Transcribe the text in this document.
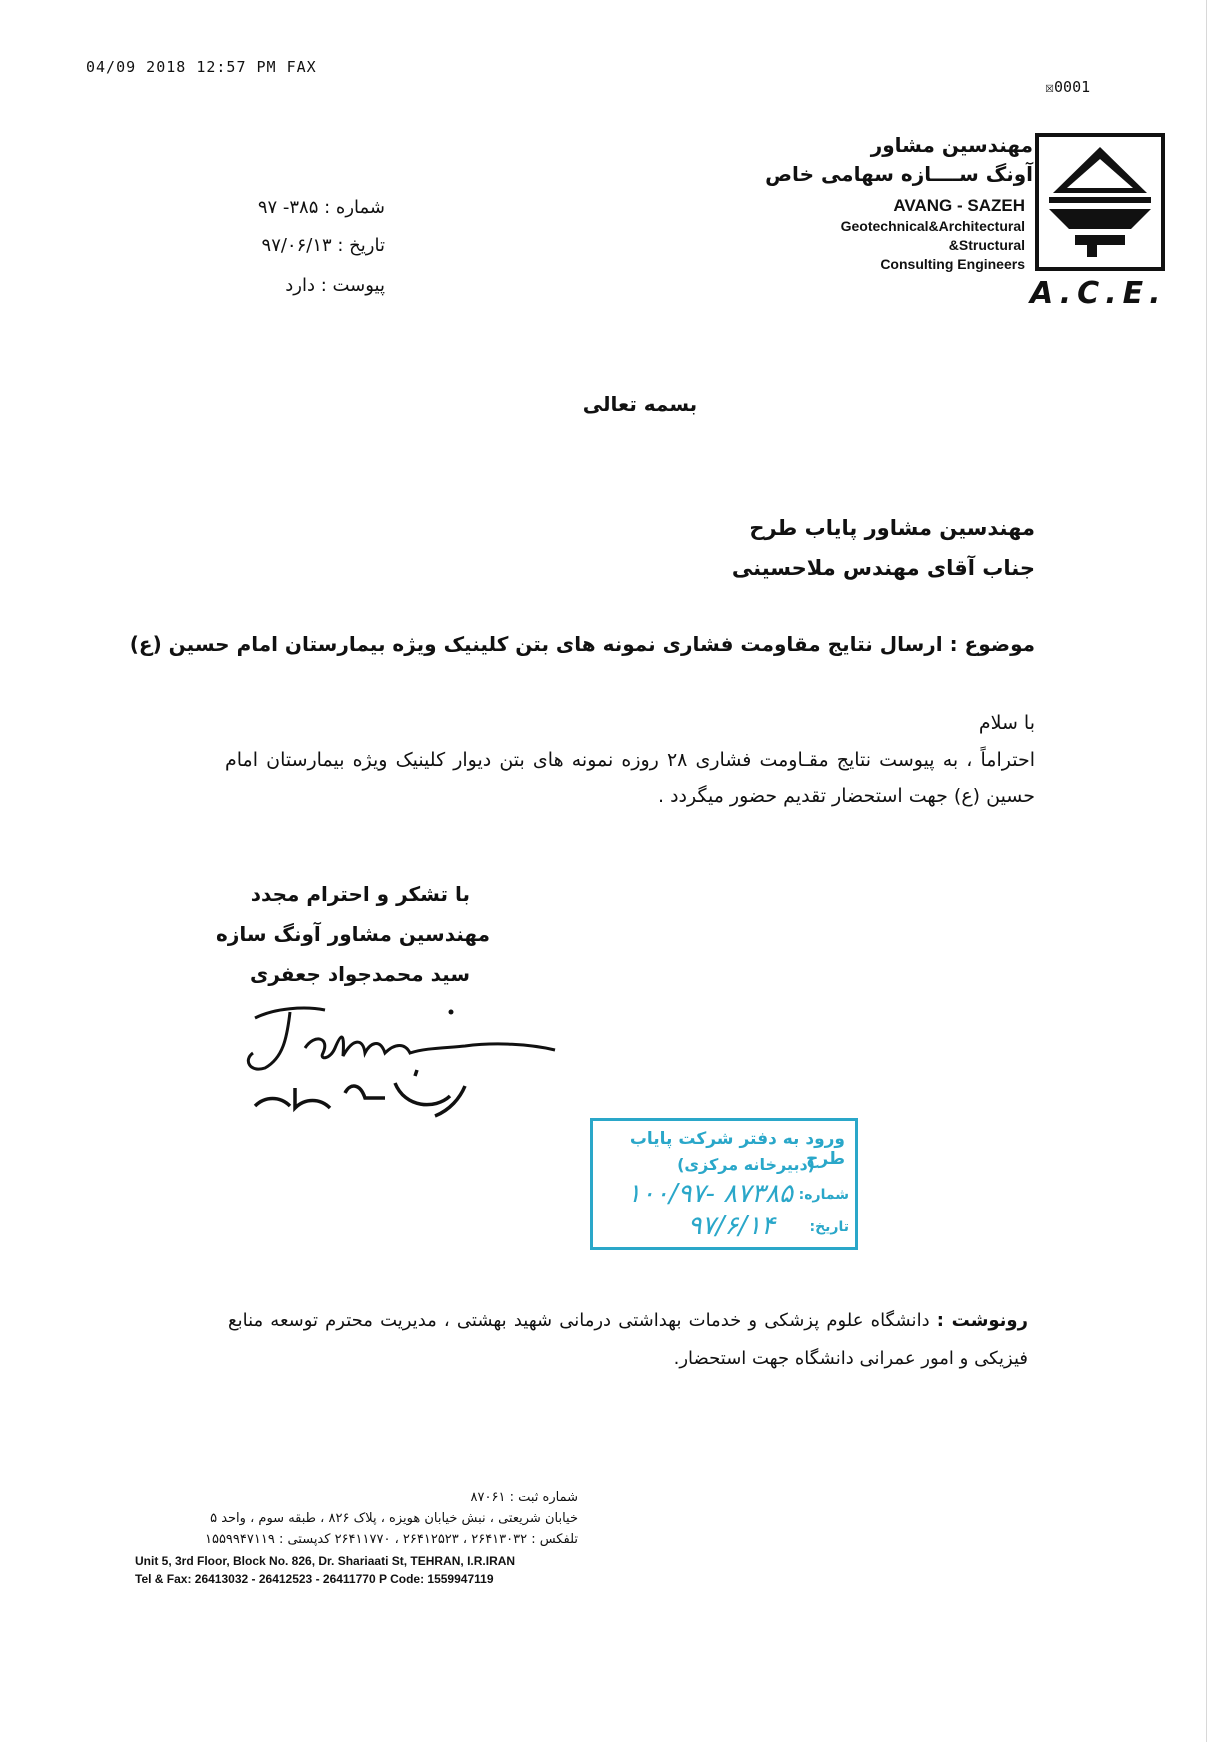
04/09 2018 12:57 PM FAX
☒0001
A.C.E.
مهندسین مشاور
آونگ ســــازه سهامی خاص
AVANG - SAZEH
Geotechnical&Architectural
&Structural
Consulting Engineers
شماره : ۳۸۵- ۹۷
تاریخ : ۹۷/۰۶/۱۳
پیوست : دارد
بسمه تعالی
مهندسین مشاور پایاب طرح
جناب آقای مهندس ملاحسینی
موضوع : ارسال نتایج مقاومت فشاری نمونه های بتن کلینیک ویژه بیمارستان امام حسین (ع)
با سلام
احتراماً ، به پیوست نتایج مقـاومت فشاری ۲۸ روزه نمونه های بتن دیوار کلینیک ویژه بیمارستان امام حسین (ع) جهت استحضار تقدیم حضور میگردد .
با تشکر و احترام مجدد
مهندسین مشاور آونگ سازه
سید محمدجواد جعفری
ورود به دفتر شرکت پایاب طرح
(دبیرخانه مرکزی)
شماره:
۱۰۰/۹۷- ۸۷۳۸۵
تاریخ:
۹۷/۶/۱۴
رونوشت : دانشگاه علوم پزشکی و خدمات بهداشتی درمانی شهید بهشتی ، مدیریت محترم توسعه منابع فیزیکی و امور عمرانی دانشگاه جهت استحضار.
شماره ثبت : ۸۷۰۶۱
خیابان شریعتی ، نبش خیابان هویزه ، پلاک ۸۲۶ ، طبقه سوم ، واحد ۵
تلفکس : ۲۶۴۱۳۰۳۲ ، ۲۶۴۱۲۵۲۳ ، ۲۶۴۱۱۷۷۰ کدپستی : ۱۵۵۹۹۴۷۱۱۹
Unit 5, 3rd Floor, Block No. 826, Dr. Shariaati St, TEHRAN, I.R.IRAN
Tel & Fax: 26413032 - 26412523 - 26411770 P Code: 1559947119
